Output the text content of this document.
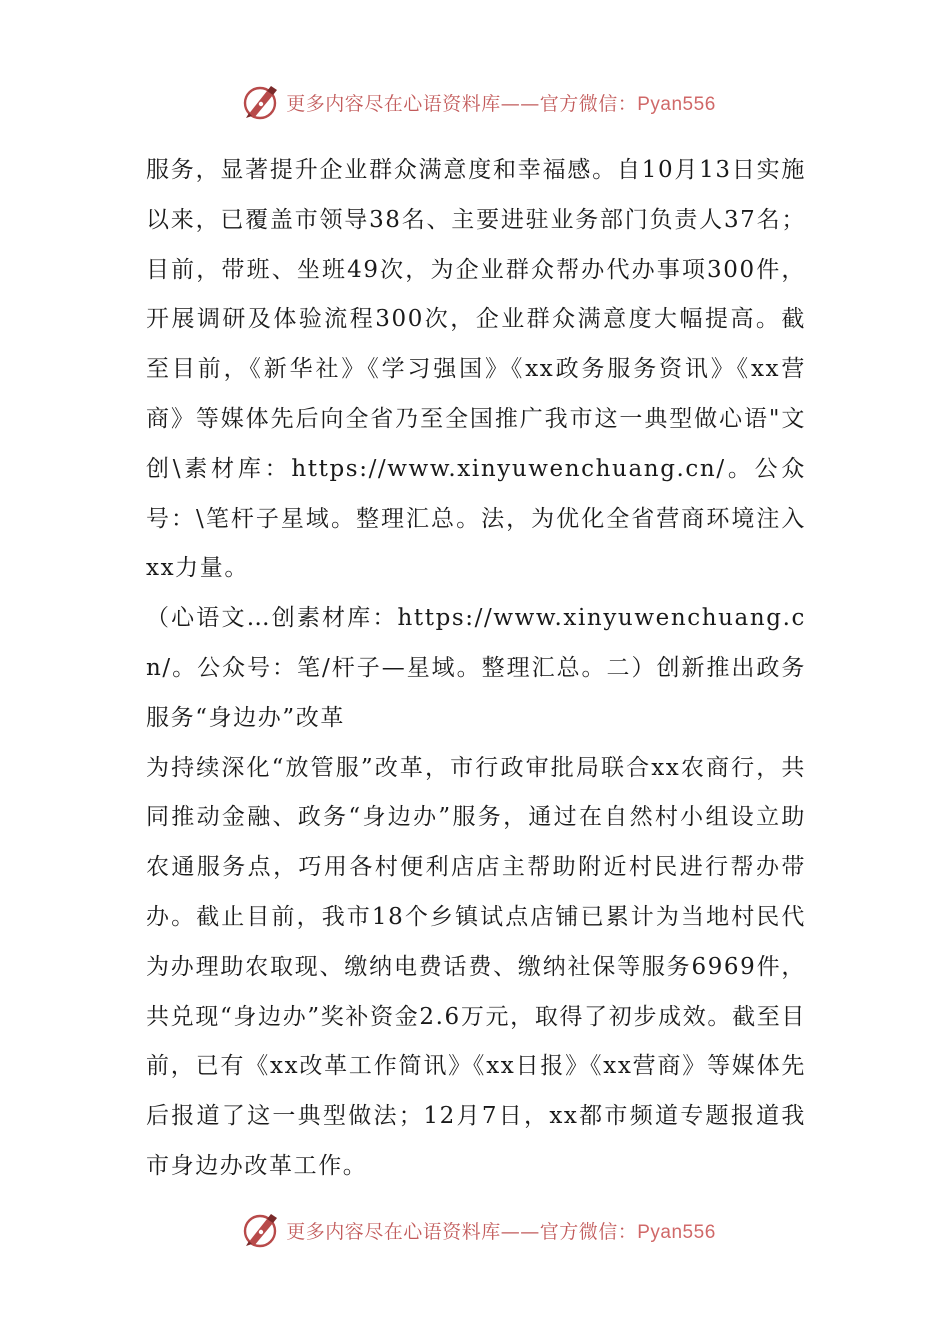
更多内容尽在心语资料库——官方微信：Pyan556

服务，显著提升企业群众满意度和幸福感。自10月13日实施以来，已覆盖市领导38名、主要进驻业务部门负责人37名；目前，带班、坐班49次，为企业群众帮办代办事项300件，开展调研及体验流程300次，企业群众满意度大幅提高。截至目前，《新华社》《学习强国》《xx政务服务资讯》《xx营商》等媒体先后向全省乃至全国推广我市这一典型做心语"文创\素材库：https://www.xinyuwenchuang.cn/。公众号：\笔杆子星域。整理汇总。法，为优化全省营商环境注入xx力量。

（心语文…创素材库：https://www.xinyuwenchuang.cn/。公众号：笔/杆子—星域。整理汇总。二）创新推出政务服务“身边办”改革

为持续深化“放管服”改革，市行政审批局联合xx农商行，共同推动金融、政务“身边办”服务，通过在自然村小组设立助农通服务点，巧用各村便利店店主帮助附近村民进行帮办带办。截止目前，我市18个乡镇试点店铺已累计为当地村民代为办理助农取现、缴纳电费话费、缴纳社保等服务6969件，共兑现“身边办”奖补资金2.6万元，取得了初步成效。截至目前，已有《xx改革工作简讯》《xx日报》《xx营商》等媒体先后报道了这一典型做法；12月7日，xx都市频道专题报道我市身边办改革工作。

更多内容尽在心语资料库——官方微信：Pyan556
